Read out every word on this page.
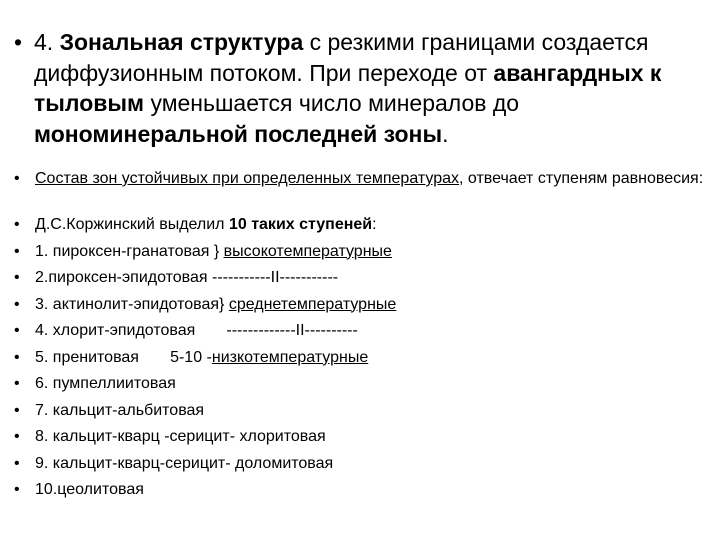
• 4. Зональная структура с резкими границами создается диффузионным потоком. При переходе от авангардных к тыловым уменьшается число минералов до мономинеральной последней зоны.

• Состав зон устойчивых при определенных температурах, отвечает ступеням равновесия:
• Д.С.Коржинский выделил 10 таких ступеней:
• 1. пироксен-гранатовая } высокотемпературные
• 2.пироксен-эпидотовая -----------II-----------
• 3. актинолит-эпидотовая} среднетемпературные
• 4. хлорит-эпидотовая       -------------II----------
• 5. пренитовая       5-10 -низкотемпературные
• 6. пумпеллиитовая
• 7. кальцит-альбитовая
• 8. кальцит-кварц -серицит- хлоритовая
• 9. кальцит-кварц-серицит- доломитовая
• 10.цеолитовая
